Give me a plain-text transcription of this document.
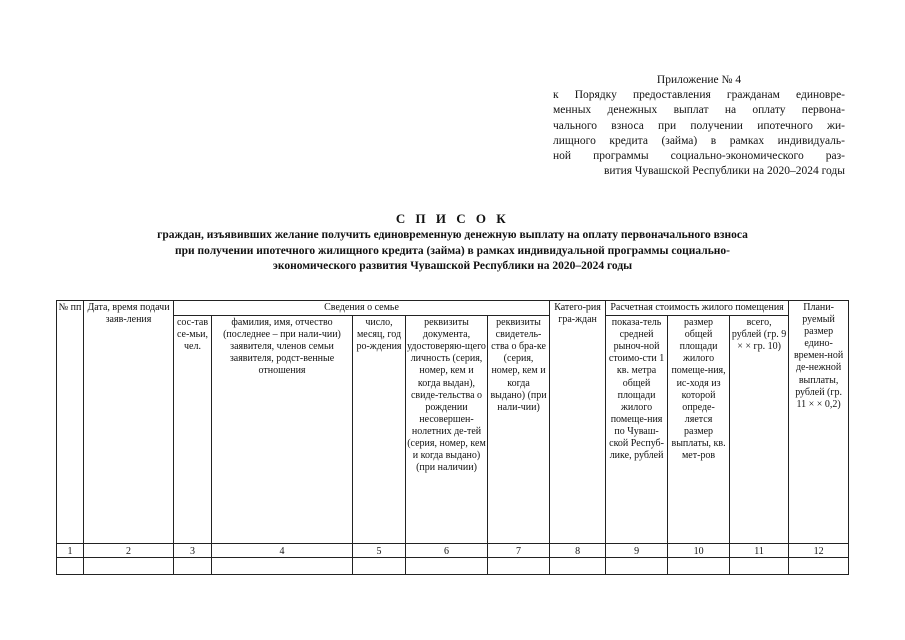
Приложение № 4
к Порядку предоставления гражданам единовре-
менных денежных выплат на оплату первона-
чального взноса при получении ипотечного жи-
лищного кредита (займа) в рамках индивидуаль-
ной программы социально-экономического раз-
вития Чувашской Республики на 2020–2024 годы
С П И С О К
граждан, изъявивших желание получить единовременную денежную выплату на оплату первоначального взноса
при получении ипотечного жилищного кредита (займа) в рамках индивидуальной программы социально-
экономического развития Чувашской Республики на 2020–2024 годы
№ пп	Дата, время подачи заяв-ления	Сведения о семье					Катего-рия гра-ждан	Расчетная стоимость жилого помещения			Плани-руемый размер едино-времен-ной де-нежной выплаты, рублей (гр. 11 × × 0,2)
		сос-тав се-мьи, чел.	фамилия, имя, отчество (последнее – при нали-чии) заявителя, членов семьи заявителя, родст-венные отношения	число, месяц, год ро-ждения	реквизиты документа, удостоверяю-щего личность (серия, номер, кем и когда выдан), свиде-тельства о рождении несовершен-нолетних де-тей (серия, номер, кем и когда выдано) (при наличии)	реквизиты свидетель-ства о бра-ке (серия, номер, кем и когда выдано) (при нали-чии)		показа-тель средней рыноч-ной стоимо-сти 1 кв. метра общей площади жилого помеще-ния по Чуваш-ской Респуб-лике, рублей	размер общей площади жилого помеще-ния, ис-ходя из которой опреде-ляется размер выплаты, кв. мет-ров	всего, рублей (гр. 9 × × гр. 10)	
1	2	3	4	5	6	7	8	9	10	11	12
